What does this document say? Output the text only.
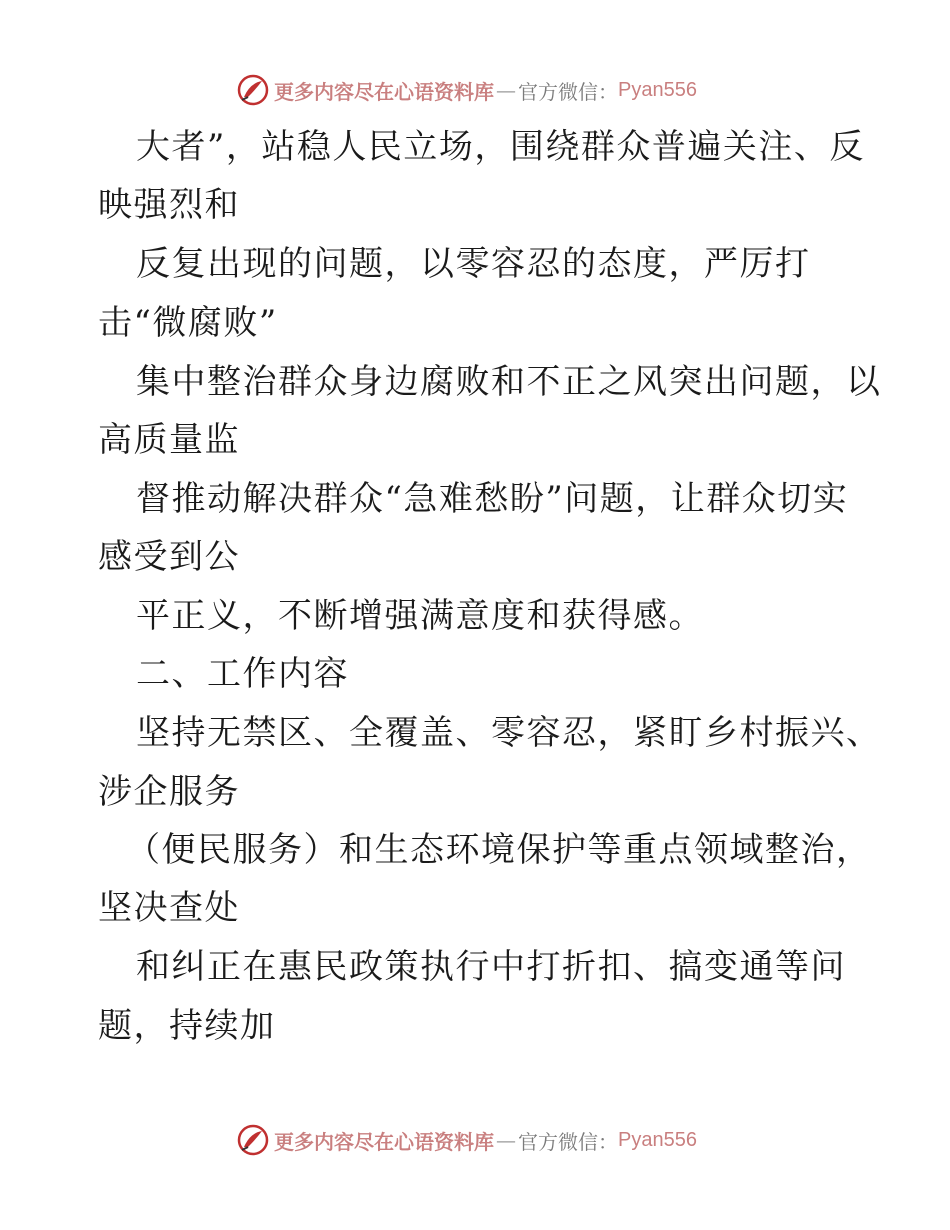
更多内容尽在心语资料库 — 官方微信： Pyan556
大者”，站稳人民立场，围绕群众普遍关注、反
映强烈和
反复出现的问题，以零容忍的态度，严厉打
击“微腐败”
集中整治群众身边腐败和不正之风突出问题，以
高质量监
督推动解决群众“急难愁盼”问题，让群众切实
感受到公
平正义，不断增强满意度和获得感。
二、工作内容
坚持无禁区、全覆盖、零容忍，紧盯乡村振兴、
涉企服务
（便民服务）和生态环境保护等重点领域整治，
坚决查处
和纠正在惠民政策执行中打折扣、搞变通等问
题，持续加
更多内容尽在心语资料库 — 官方微信： Pyan556
